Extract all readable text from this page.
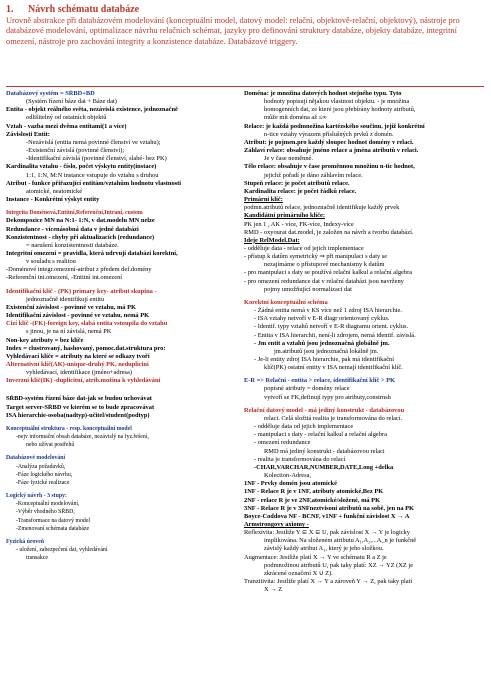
1. Návrh schématu databáze
Urovně abstrakce při databázovém modelování (konceptuální model, datový model: relační, objektově-relační, objektový), nástroje pro databázové modelování, optimalizace návrhu relačních schémat, jazyky pro definování struktury databáze, objekty databáze, integritní omezení, nástroje pro zachování integrity a konzistence databáze. Databázové triggery.
Databázový systém = SŘBD+BD
(Systém řízení báze dat + Báze dat)
Entita - objekt reálného světa, nezávislá existence, jednoznačně
odlišitelný od ostatních objektů
Vztah - vazba mezi dvěma entitami(1 a více)
Závislosti Entit:
-Nezávislá (entita nemá povinné členství ve vztahu);
-Existenční závislá (povinné členství);
-Identifikační závislá (povinné členství, slabé- bez PK)
Kardinalita vztahu - číslo, počet výskytu entity(instace)
1:1, 1:N, M:N instance vstupuje do vztahu s druhou
Atribut - funkce přiřazující entitám/vztahům hodnotu vlastnosti
atomické, neatomické
Instance - Konkrétní výskyt entity
Integrita Doménová,Entitní,Referenční,Intraní, custom
Dekompozice MN na N:1- 1:N, v dat.modelu MN nelze
Redundance - vícenásobná data v jedné databázi
Konzistentnost - chyby při aktualizacích (redundance)
= narušení konzistentnosti databáze.
Integritní omezení = pravidla, která udrvují databázi korektní,
v souladu s realitou
-Doménové integr.omezení-atribut z předem def.domény
-Referenční int.omezení, -Entitní int.omezení
Identifikační klíč - (PK) primary key- atribut skupina -
jednoznačně identifikují entitu
Existenční závislost - povinné ve vztahu, má PK
Identifikační závislost - povinné ve vztahu, nemá PK
Cizí klíč -(FK)-foreign key, slabá entita vstoupila do vztahu
s jinou, je na ní závislá, nemá PK
Non-key atributy = bez klíče
Index = clustrovaný, hashovaný, pomoc.dat.struktura pro:
Vyhledávací klíče = atributy na které se odkazy tvoří
Alternativní klíč(AK)-unique-druhý PK, nedupliciní
vyhledávací, identifikace (jméno+adresa)
Inverzní klíč(IK) -duplicitní, atrib.možina k vyhledávání
SŘBD-systém řízení báze dat-jak se budou uchovávat
Target server-SŘBD ve kterém se to bude zpracovávat
ISA hierarchie-osoba(nadtyp)-učitel/student(podtyp)
Konceptuální struktura - resp. konceptuální model
-nejv informační obsah databáze, nezávislý na fyz.řešení,
nebo užívat postřehů
Databázové modelování
-Analýza požadavků,
-Fáze logického návrhu,
-Fáze fyzické realizace
Logický návrh - 3 stupy:
-Konceptuální modelování,
-Výběr vhodného SŘBD,
-Transformace na datový model
-Zmenovaní schémata databáze
Fyzická úroveň
- uložení, zabezpečení dat, vyhledávání
transakce
Doména: je množina datových hodnot stejného typu. Tyto
hodnoty popisují nějakou vlastnost objektu. - je množina
homogenních dat, ze které jsou přebírány hodnoty atributů,
může mít doména až ≤∞
Relace: je každá podmnožina kartézského součinu, jejíž konkrétní
n-tice vztahy výrazem příslušných prvků z domén.
Atribut: je pojmen.pro každý sloupec hodnot domény v relaci.
Záhlaví relace: obsahuje jméno relace a jména atributů v relaci.
Je v čase neměnné.
Tělo relace: obsahuje v čase proměnnou množinu n-tic hodnot,
jejichž pořadí je dáno záhlavím relace.
Stupeň relace: je počet atributů relace.
Kardinalita relace: je počet řádků relace.
Primární klíč:
podmn.atributů relace, jednoznačně identifikuje každý prvek
Kandidátní primárního klíče:
PK jen 1 , AK - více, FK-více, Indexy-více
RMD - oxyourat dat.model, je založen na návrh a tvorbu databází.
Ideje RelModel.Dat:
- odděluje data - relace od jejich implementace
- přístup k datům symetrický ⇒ při manipulaci s daty se
nezajímáme o přístupové mechanismy k datům
- pro manipulaci s daty se používá relační kalkul a relační algebra
- pro omezení redundance dat v relační databázi jsou navrženy
pojmy umožňující normalizaci dat
Korektní konceptuální schéma
- Žádná entita nemá v KS více než 1 zdroj ISA hierarchie.
- ISA vztahy netvoří v E-R diagr orientovaný cyklus.
- Identif. typy vztahů netvoří v E-R diagramu orient. cyklus.
- Entita v ISA hierarchii, není-li zdrojem, nemá identif. závislá.
- Jm entit a vztahů jsou jednoznačná globálně jm.
jm.atributů jsou jednoznačná lokálně jm.
- Je-li entity zdroj ISA hierarchie, pak má identifikační
klíč(PK) ostatní entity v ISA nemají identifikační klíč.
E-R => Relační - entita > relace, identifikační klíč > PK
popisné atributy = domény relace
vytvoří se FK,definují typy pro atributy,constrnsh
Relační datový model - má jediný konstrukt - databázovou
relaci. Celá složitá realita je transformována do relací.
- odděluje data od jejich implementace
- manipulaci s daty - relační kalkul a relační algebra
- omezení redundance
RMD má jediný konstrukt - databázovou relaci
- realita je transformována do relací
-CHAR,VARCHAR,NUMBER,DATE,Long +delka
Kolection-Adresa,
1NF - Prvky domén jsou atomické
1NF - Relace R je v 1NF, atributy atomické,Bez PK
2NF - relace R je ve 2NF,atomické/složené, má PK
3NF - Relace R je v 3NFneztvisoni atributů na sobě, jen na PK
Boyce-Coddova NF - BCNF, v1NF + funkční závislost X → A
Armstrongovy axiomy -
Reflexivita: Jestliže Y ⊆ X ⊆ U, pak závislost X → Y je logicky
implikována. Na složeném atributu A₁,A₂,...A_n je funkčně
závislý každý atribut A₁, který je jeho složkou.
Augmentace: Jestliže platí X → Y ve schématu R a Z je
podmnožinou atributů U, pak taky platí: XZ → YZ (XZ je
zkrácené označení X ∪ Z).
Tranzitivita: Jestliže platí X → Y a zároveň Y → Z, pak taky platí
X → Z
